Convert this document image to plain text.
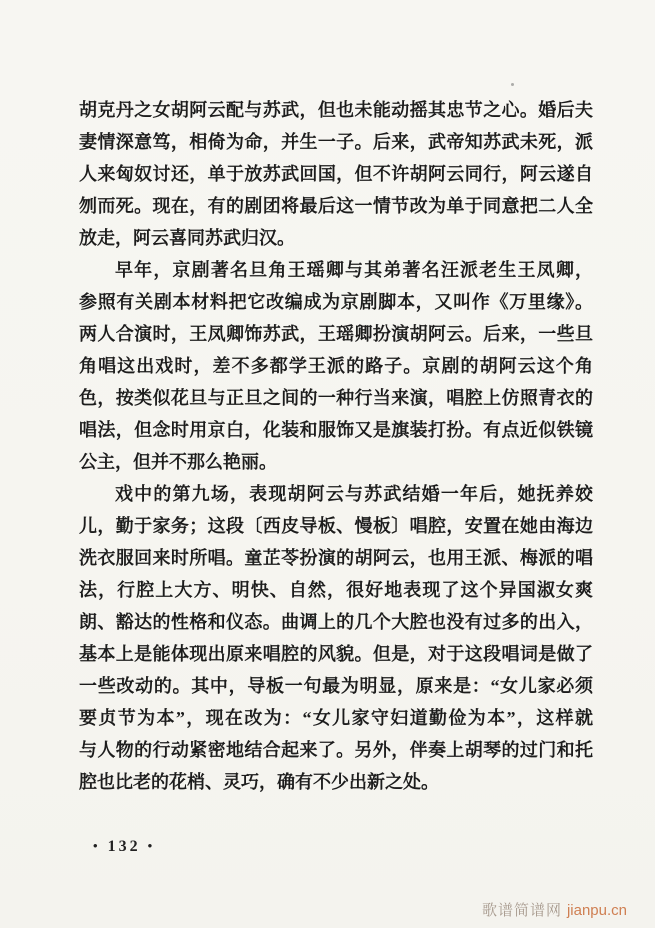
胡克丹之女胡阿云配与苏武，但也未能动摇其忠节之心。婚后夫
妻情深意笃，相倚为命，并生一子。后来，武帝知苏武未死，派
人来匈奴讨还，单于放苏武回国，但不许胡阿云同行，阿云遂自
刎而死。现在，有的剧团将最后这一情节改为单于同意把二人全
放走，阿云喜同苏武归汉。
早年，京剧著名旦角王瑶卿与其弟著名汪派老生王凤卿，
参照有关剧本材料把它改编成为京剧脚本，又叫作《万里缘》。
两人合演时，王凤卿饰苏武，王瑶卿扮演胡阿云。后来，一些旦
角唱这出戏时，差不多都学王派的路子。京剧的胡阿云这个角
色，按类似花旦与正旦之间的一种行当来演，唱腔上仿照青衣的
唱法，但念时用京白，化装和服饰又是旗装打扮。有点近似铁镜
公主，但并不那么艳丽。
戏中的第九场，表现胡阿云与苏武结婚一年后，她抚养姣
儿，勤于家务；这段〔西皮导板、慢板〕唱腔，安置在她由海边
洗衣服回来时所唱。童芷苓扮演的胡阿云，也用王派、梅派的唱
法，行腔上大方、明快、自然，很好地表现了这个异国淑女爽
朗、豁达的性格和仪态。曲调上的几个大腔也没有过多的出入，
基本上是能体现出原来唱腔的风貌。但是，对于这段唱词是做了
一些改动的。其中，导板一句最为明显，原来是：“女儿家必须
要贞节为本”，现在改为：“女儿家守妇道勤俭为本”，这样就
与人物的行动紧密地结合起来了。另外，伴奏上胡琴的过门和托
腔也比老的花梢、灵巧，确有不少出新之处。
• 132 •
歌谱简谱网 jianpu.cn
